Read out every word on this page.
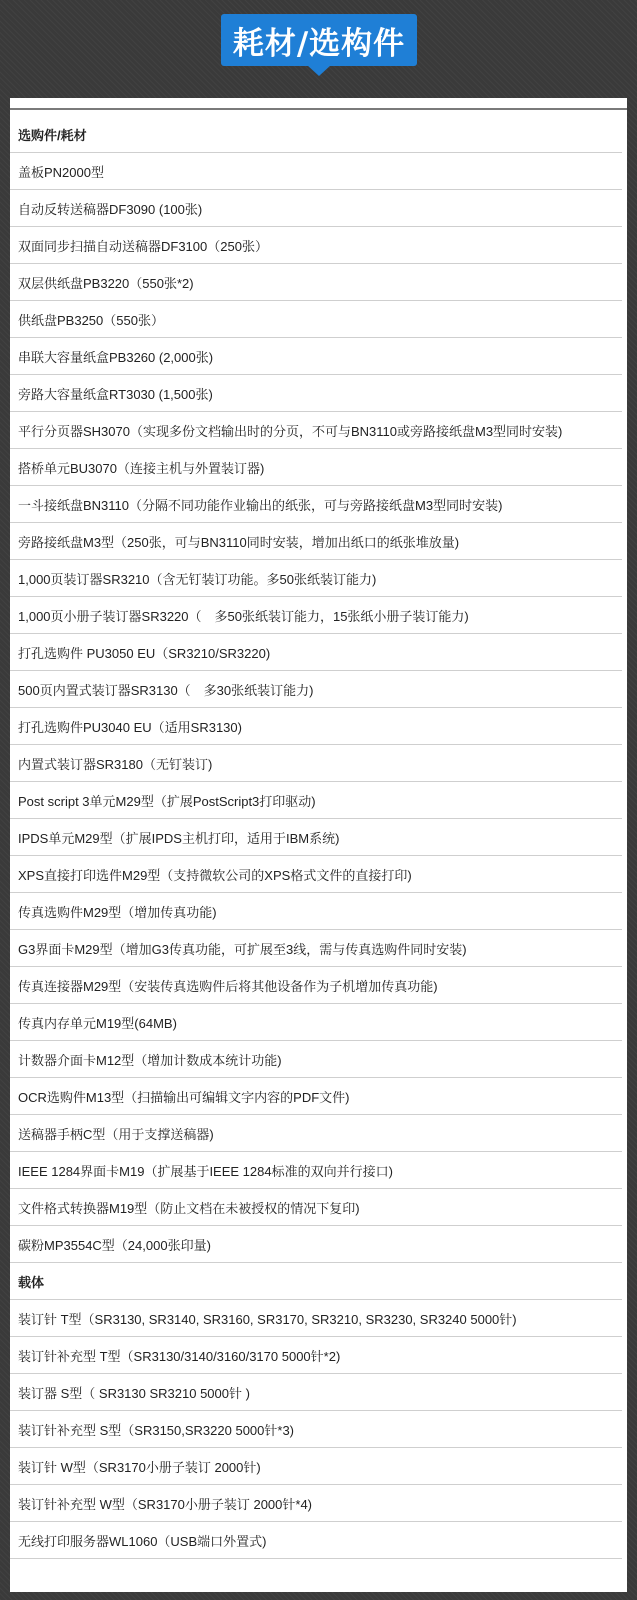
耗材/选构件
选购件/耗材
盖板PN2000型
自动反转送稿器DF3090 (100张)
双面同步扫描自动送稿器DF3100（250张）
双层供纸盘PB3220（550张*2)
供纸盘PB3250（550张）
串联大容量纸盒PB3260 (2,000张)
旁路大容量纸盒RT3030 (1,500张)
平行分页器SH3070（实现多份文档输出时的分页，不可与BN3110或旁路接纸盘M3型同时安装)
搭桥单元BU3070（连接主机与外置装订器)
一斗接纸盘BN3110（分隔不同功能作业输出的纸张，可与旁路接纸盘M3型同时安装)
旁路接纸盘M3型（250张，可与BN3110同时安装，增加出纸口的纸张堆放量)
1,000页装订器SR3210（含无钉装订功能。多50张纸装订能力)
1,000页小册子装订器SR3220（　多50张纸装订能力，15张纸小册子装订能力)
打孔选购件 PU3050 EU（SR3210/SR3220)
500页内置式装订器SR3130（　多30张纸装订能力)
打孔选购件PU3040 EU（适用SR3130)
内置式装订器SR3180（无钉装订)
Post script 3单元M29型（扩展PostScript3打印驱动)
IPDS单元M29型（扩展IPDS主机打印，适用于IBM系统)
XPS直接打印选件M29型（支持微软公司的XPS格式文件的直接打印)
传真选购件M29型（增加传真功能)
G3界面卡M29型（增加G3传真功能，可扩展至3线，需与传真选购件同时安装)
传真连接器M29型（安装传真选购件后将其他设备作为子机增加传真功能)
传真内存单元M19型(64MB)
计数器介面卡M12型（增加计数成本统计功能)
OCR选购件M13型（扫描输出可编辑文字内容的PDF文件)
送稿器手柄C型（用于支撑送稿器)
IEEE 1284界面卡M19（扩展基于IEEE 1284标准的双向并行接口)
文件格式转换器M19型（防止文档在未被授权的情况下复印)
碳粉MP3554C型（24,000张印量)
载体
装订针 T型（SR3130, SR3140, SR3160, SR3170, SR3210, SR3230, SR3240 5000针)
装订针补充型 T型（SR3130/3140/3160/3170 5000针*2)
装订器 S型（ SR3130 SR3210 5000针 )
装订针补充型 S型（SR3150,SR3220 5000针*3)
装订针 W型（SR3170小册子装订 2000针)
装订针补充型 W型（SR3170小册子装订 2000针*4)
无线打印服务器WL1060（USB端口外置式)
